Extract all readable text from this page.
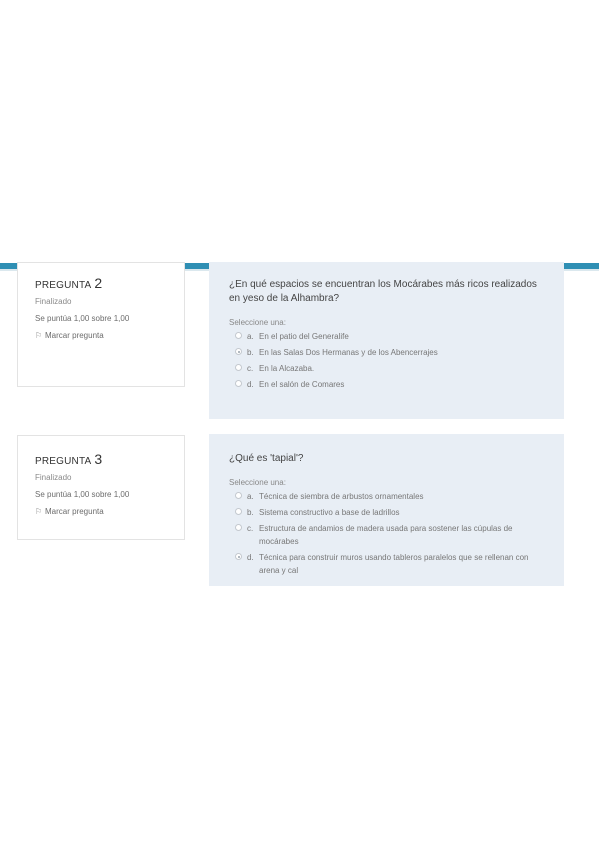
PREGUNTA 2
Finalizado
Se puntúa 1,00 sobre 1,00
⚐ Marcar pregunta
¿En qué espacios se encuentran los Mocárabes más ricos realizados en yeso de la Alhambra?
Seleccione una:
a. En el patio del Generalife
b. En las Salas Dos Hermanas y de los Abencerrajes
c. En la Alcazaba.
d. En el salón de Comares
PREGUNTA 3
Finalizado
Se puntúa 1,00 sobre 1,00
⚐ Marcar pregunta
¿Qué es 'tapial'?
Seleccione una:
a. Técnica de siembra de arbustos ornamentales
b. Sistema constructivo a base de ladrillos
c. Estructura de andamios de madera usada para sostener las cúpulas de mocárabes
d. Técnica para construir muros usando tableros paralelos que se rellenan con arena y cal
